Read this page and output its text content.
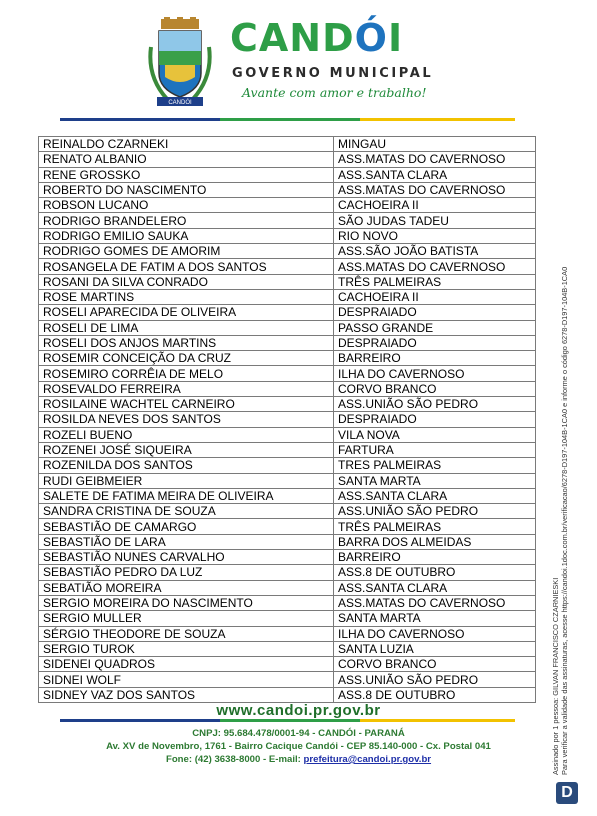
CANDÓI
CANDÓI
GOVERNO MUNICIPAL
Avante com amor e trabalho!
REINALDO CZARNEKI	MINGAU
RENATO ALBANIO	ASS.MATAS DO CAVERNOSO
RENE GROSSKO	ASS.SANTA CLARA
ROBERTO DO NASCIMENTO	ASS.MATAS DO CAVERNOSO
ROBSON LUCANO	CACHOEIRA II
RODRIGO BRANDELERO	SÃO JUDAS TADEU
RODRIGO EMILIO SAUKA	RIO NOVO
RODRIGO GOMES DE AMORIM	ASS.SÃO JOÃO BATISTA
ROSANGELA DE FATIM A DOS SANTOS	ASS.MATAS DO CAVERNOSO
ROSANI DA SILVA CONRADO	TRÊS PALMEIRAS
ROSE MARTINS	CACHOEIRA II
ROSELI APARECIDA DE OLIVEIRA	DESPRAIADO
ROSELI DE LIMA	PASSO GRANDE
ROSELI DOS ANJOS MARTINS	DESPRAIADO
ROSEMIR CONCEIÇÃO DA CRUZ	BARREIRO
ROSEMIRO CORRÊIA DE MELO	ILHA DO CAVERNOSO
ROSEVALDO FERREIRA	CORVO BRANCO
ROSILAINE WACHTEL CARNEIRO	ASS.UNIÃO SÃO PEDRO
ROSILDA NEVES DOS SANTOS	DESPRAIADO
ROZELI BUENO	VILA NOVA
ROZENEI JOSÉ SIQUEIRA	FARTURA
ROZENILDA DOS SANTOS	TRES PALMEIRAS
RUDI GEIBMEIER	SANTA MARTA
SALETE DE FATIMA MEIRA DE OLIVEIRA	ASS.SANTA CLARA
SANDRA CRISTINA DE SOUZA	ASS.UNIÃO SÃO PEDRO
SEBASTIÃO DE CAMARGO	TRÊS PALMEIRAS
SEBASTIÃO DE LARA	BARRA DOS ALMEIDAS
SEBASTIÃO NUNES CARVALHO	BARREIRO
SEBASTIÃO PEDRO DA LUZ	ASS.8 DE OUTUBRO
SEBATIÃO MOREIRA	ASS.SANTA CLARA
SERGIO MOREIRA DO NASCIMENTO	ASS.MATAS DO CAVERNOSO
SERGIO MULLER	SANTA MARTA
SÉRGIO THEODORE DE SOUZA	ILHA DO CAVERNOSO
SERGIO TUROK	SANTA LUZIA
SIDENEI QUADROS	CORVO BRANCO
SIDNEI WOLF	ASS.UNIÃO SÃO PEDRO
SIDNEY VAZ DOS SANTOS	ASS.8 DE OUTUBRO
www.candoi.pr.gov.br
CNPJ: 95.684.478/0001-94 - CANDÓI - PARANÁ
Av. XV de Novembro, 1761 - Bairro Cacique Candói - CEP 85.140-000 - Cx. Postal 041
Fone: (42) 3638-8000 - E-mail: prefeitura@candoi.pr.gov.br	Assinado por 1 pessoa: GILVAN FRANCISCO CZARNIESKI Para verificar a validade das assinaturas, acesse https://candoi.1doc.com.br/verificacao/6278-D197-104B-1CA0 e informe o código 6278-D197-104B-1CA0
D
